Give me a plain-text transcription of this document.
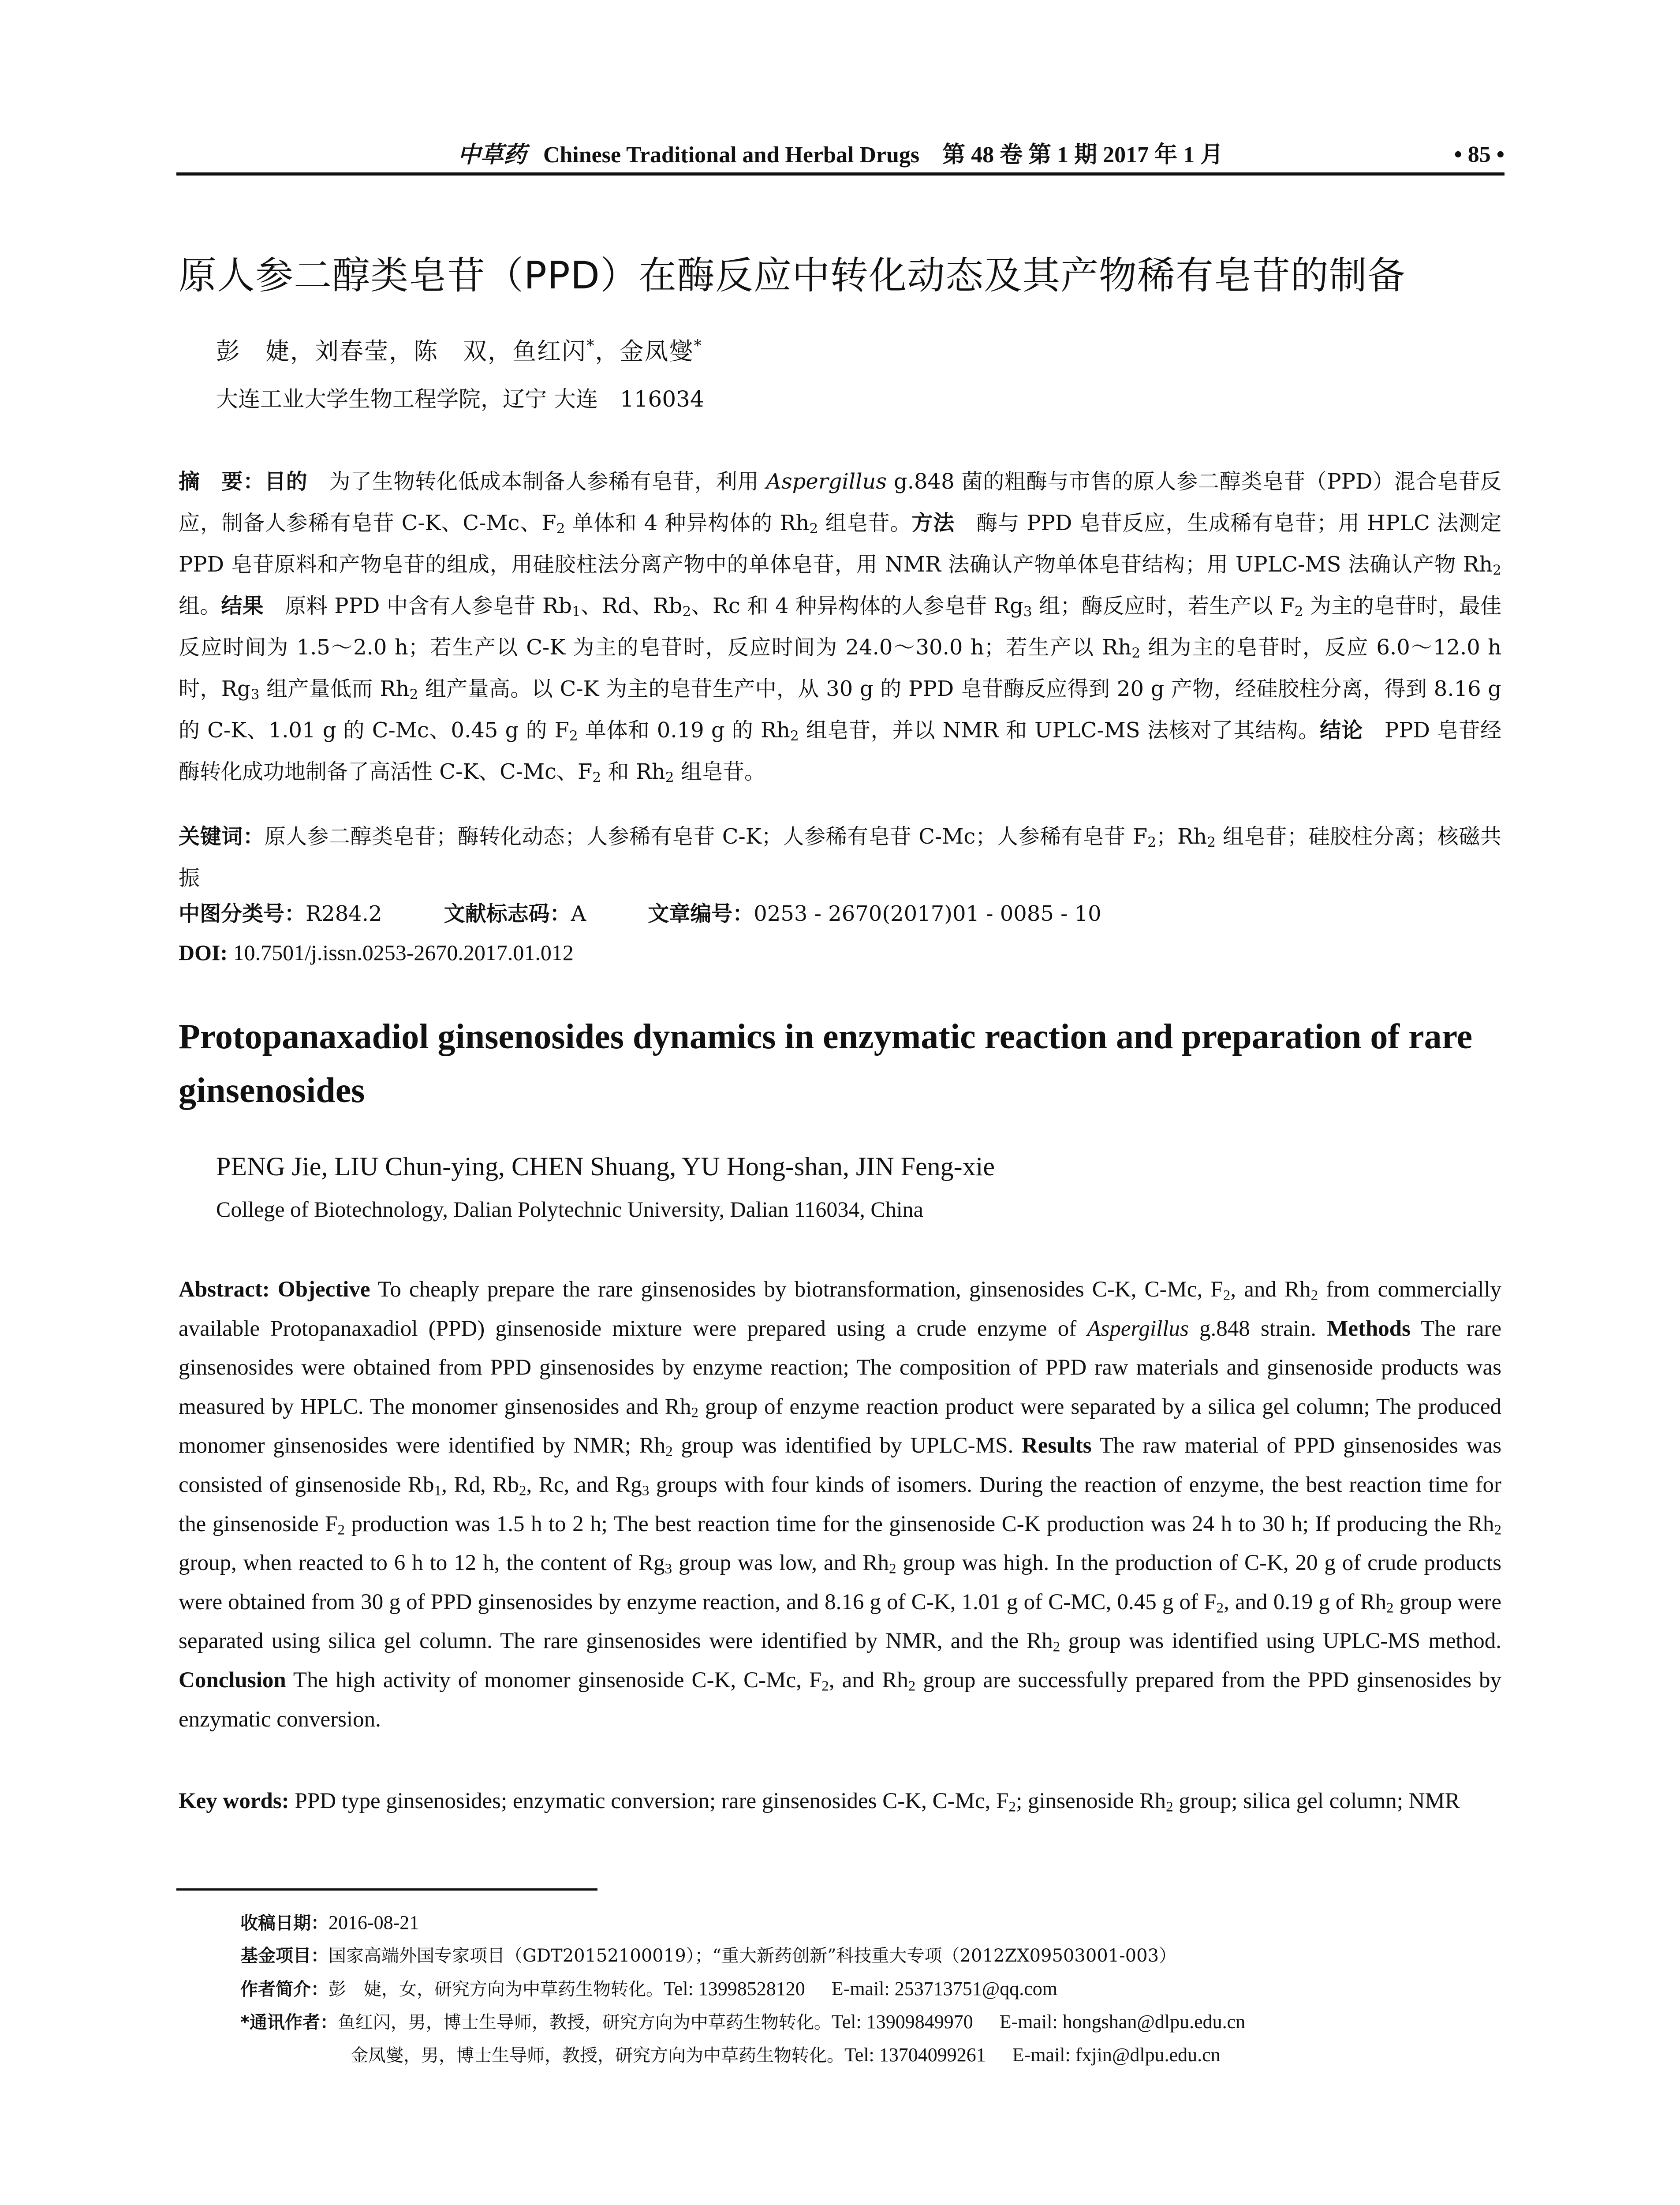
中草药 Chinese Traditional and Herbal Drugs　 第 48 卷 第 1 期 2017 年 1 月	• 85 •
原人参二醇类皂苷（PPD）在酶反应中转化动态及其产物稀有皂苷的制备
彭　婕，刘春莹，陈　双，鱼红闪*，金凤燮*
大连工业大学生物工程学院，辽宁 大连　116034
摘　要：目的　为了生物转化低成本制备人参稀有皂苷，利用 Aspergillus g.848 菌的粗酶与市售的原人参二醇类皂苷（PPD）混合皂苷反应，制备人参稀有皂苷 C-K、C-Mc、$F_2$ 单体和 4 种异构体的 $Rh_2$ 组皂苷。方法　酶与 PPD 皂苷反应，生成稀有皂苷；用 HPLC 法测定 PPD 皂苷原料和产物皂苷的组成，用硅胶柱法分离产物中的单体皂苷，用 NMR 法确认产物单体皂苷结构；用 UPLC-MS 法确认产物 $Rh_2$ 组。结果　原料 PPD 中含有人参皂苷 $Rb_1$、Rd、$Rb_2$、Rc 和 4 种异构体的人参皂苷 $Rg_3$ 组；酶反应时，若生产以 $F_2$ 为主的皂苷时，最佳反应时间为 1.5～2.0 h；若生产以 C-K 为主的皂苷时，反应时间为 24.0～30.0 h；若生产以 $Rh_2$ 组为主的皂苷时，反应 6.0～12.0 h 时，$Rg_3$ 组产量低而 $Rh_2$ 组产量高。以 C-K 为主的皂苷生产中，从 30 g 的 PPD 皂苷酶反应得到 20 g 产物，经硅胶柱分离，得到 8.16 g 的 C-K、1.01 g 的 C-Mc、0.45 g 的 $F_2$ 单体和 0.19 g 的 $Rh_2$ 组皂苷，并以 NMR 和 UPLC-MS 法核对了其结构。结论　PPD 皂苷经酶转化成功地制备了高活性 C-K、C-Mc、$F_2$ 和 $Rh_2$ 组皂苷。
关键词：原人参二醇类皂苷；酶转化动态；人参稀有皂苷 C-K；人参稀有皂苷 C-Mc；人参稀有皂苷 $F_2$；$Rh_2$ 组皂苷；硅胶柱分离；核磁共振
中图分类号：R284.2	文献标志码：A	文章编号：0253 - 2670(2017)01 - 0085 - 10
DOI: 10.7501/j.issn.0253-2670.2017.01.012
Protopanaxadiol ginsenosides dynamics in enzymatic reaction and preparation of rare ginsenosides
PENG Jie, LIU Chun-ying, CHEN Shuang, YU Hong-shan, JIN Feng-xie
College of Biotechnology, Dalian Polytechnic University, Dalian 116034, China
Abstract: Objective To cheaply prepare the rare ginsenosides by biotransformation, ginsenosides C-K, C-Mc, $F_2$, and $Rh_2$ from commercially available Protopanaxadiol (PPD) ginsenoside mixture were prepared using a crude enzyme of Aspergillus g.848 strain. Methods The rare ginsenosides were obtained from PPD ginsenosides by enzyme reaction; The composition of PPD raw materials and ginsenoside products was measured by HPLC. The monomer ginsenosides and $Rh_2$ group of enzyme reaction product were separated by a silica gel column; The produced monomer ginsenosides were identified by NMR; $Rh_2$ group was identified by UPLC-MS. Results The raw material of PPD ginsenosides was consisted of ginsenoside $Rb_1$, Rd, $Rb_2$, Rc, and $Rg_3$ groups with four kinds of isomers. During the reaction of enzyme, the best reaction time for the ginsenoside $F_2$ production was 1.5 h to 2 h; The best reaction time for the ginsenoside C-K production was 24 h to 30 h; If producing the $Rh_2$ group, when reacted to 6 h to 12 h, the content of $Rg_3$ group was low, and $Rh_2$ group was high. In the production of C-K, 20 g of crude products were obtained from 30 g of PPD ginsenosides by enzyme reaction, and 8.16 g of C-K, 1.01 g of C-MC, 0.45 g of $F_2$, and 0.19 g of $Rh_2$ group were separated using silica gel column. The rare ginsenosides were identified by NMR, and the $Rh_2$ group was identified using UPLC-MS method. Conclusion The high activity of monomer ginsenoside C-K, C-Mc, $F_2$, and $Rh_2$ group are successfully prepared from the PPD ginsenosides by enzymatic conversion.
Key words: PPD type ginsenosides; enzymatic conversion; rare ginsenosides C-K, C-Mc, $F_2$; ginsenoside $Rh_2$ group; silica gel column; NMR
收稿日期：2016-08-21
基金项目：国家高端外国专家项目（GDT20152100019）；“重大新药创新”科技重大专项（2012ZX09503001-003）
作者简介：彭　婕，女，研究方向为中草药生物转化。Tel: 13998528120 E-mail: 253713751@qq.com
*通讯作者：鱼红闪，男，博士生导师，教授，研究方向为中草药生物转化。Tel: 13909849970 E-mail: hongshan@dlpu.edu.cn
金凤燮，男，博士生导师，教授，研究方向为中草药生物转化。Tel: 13704099261 E-mail: fxjin@dlpu.edu.cn
